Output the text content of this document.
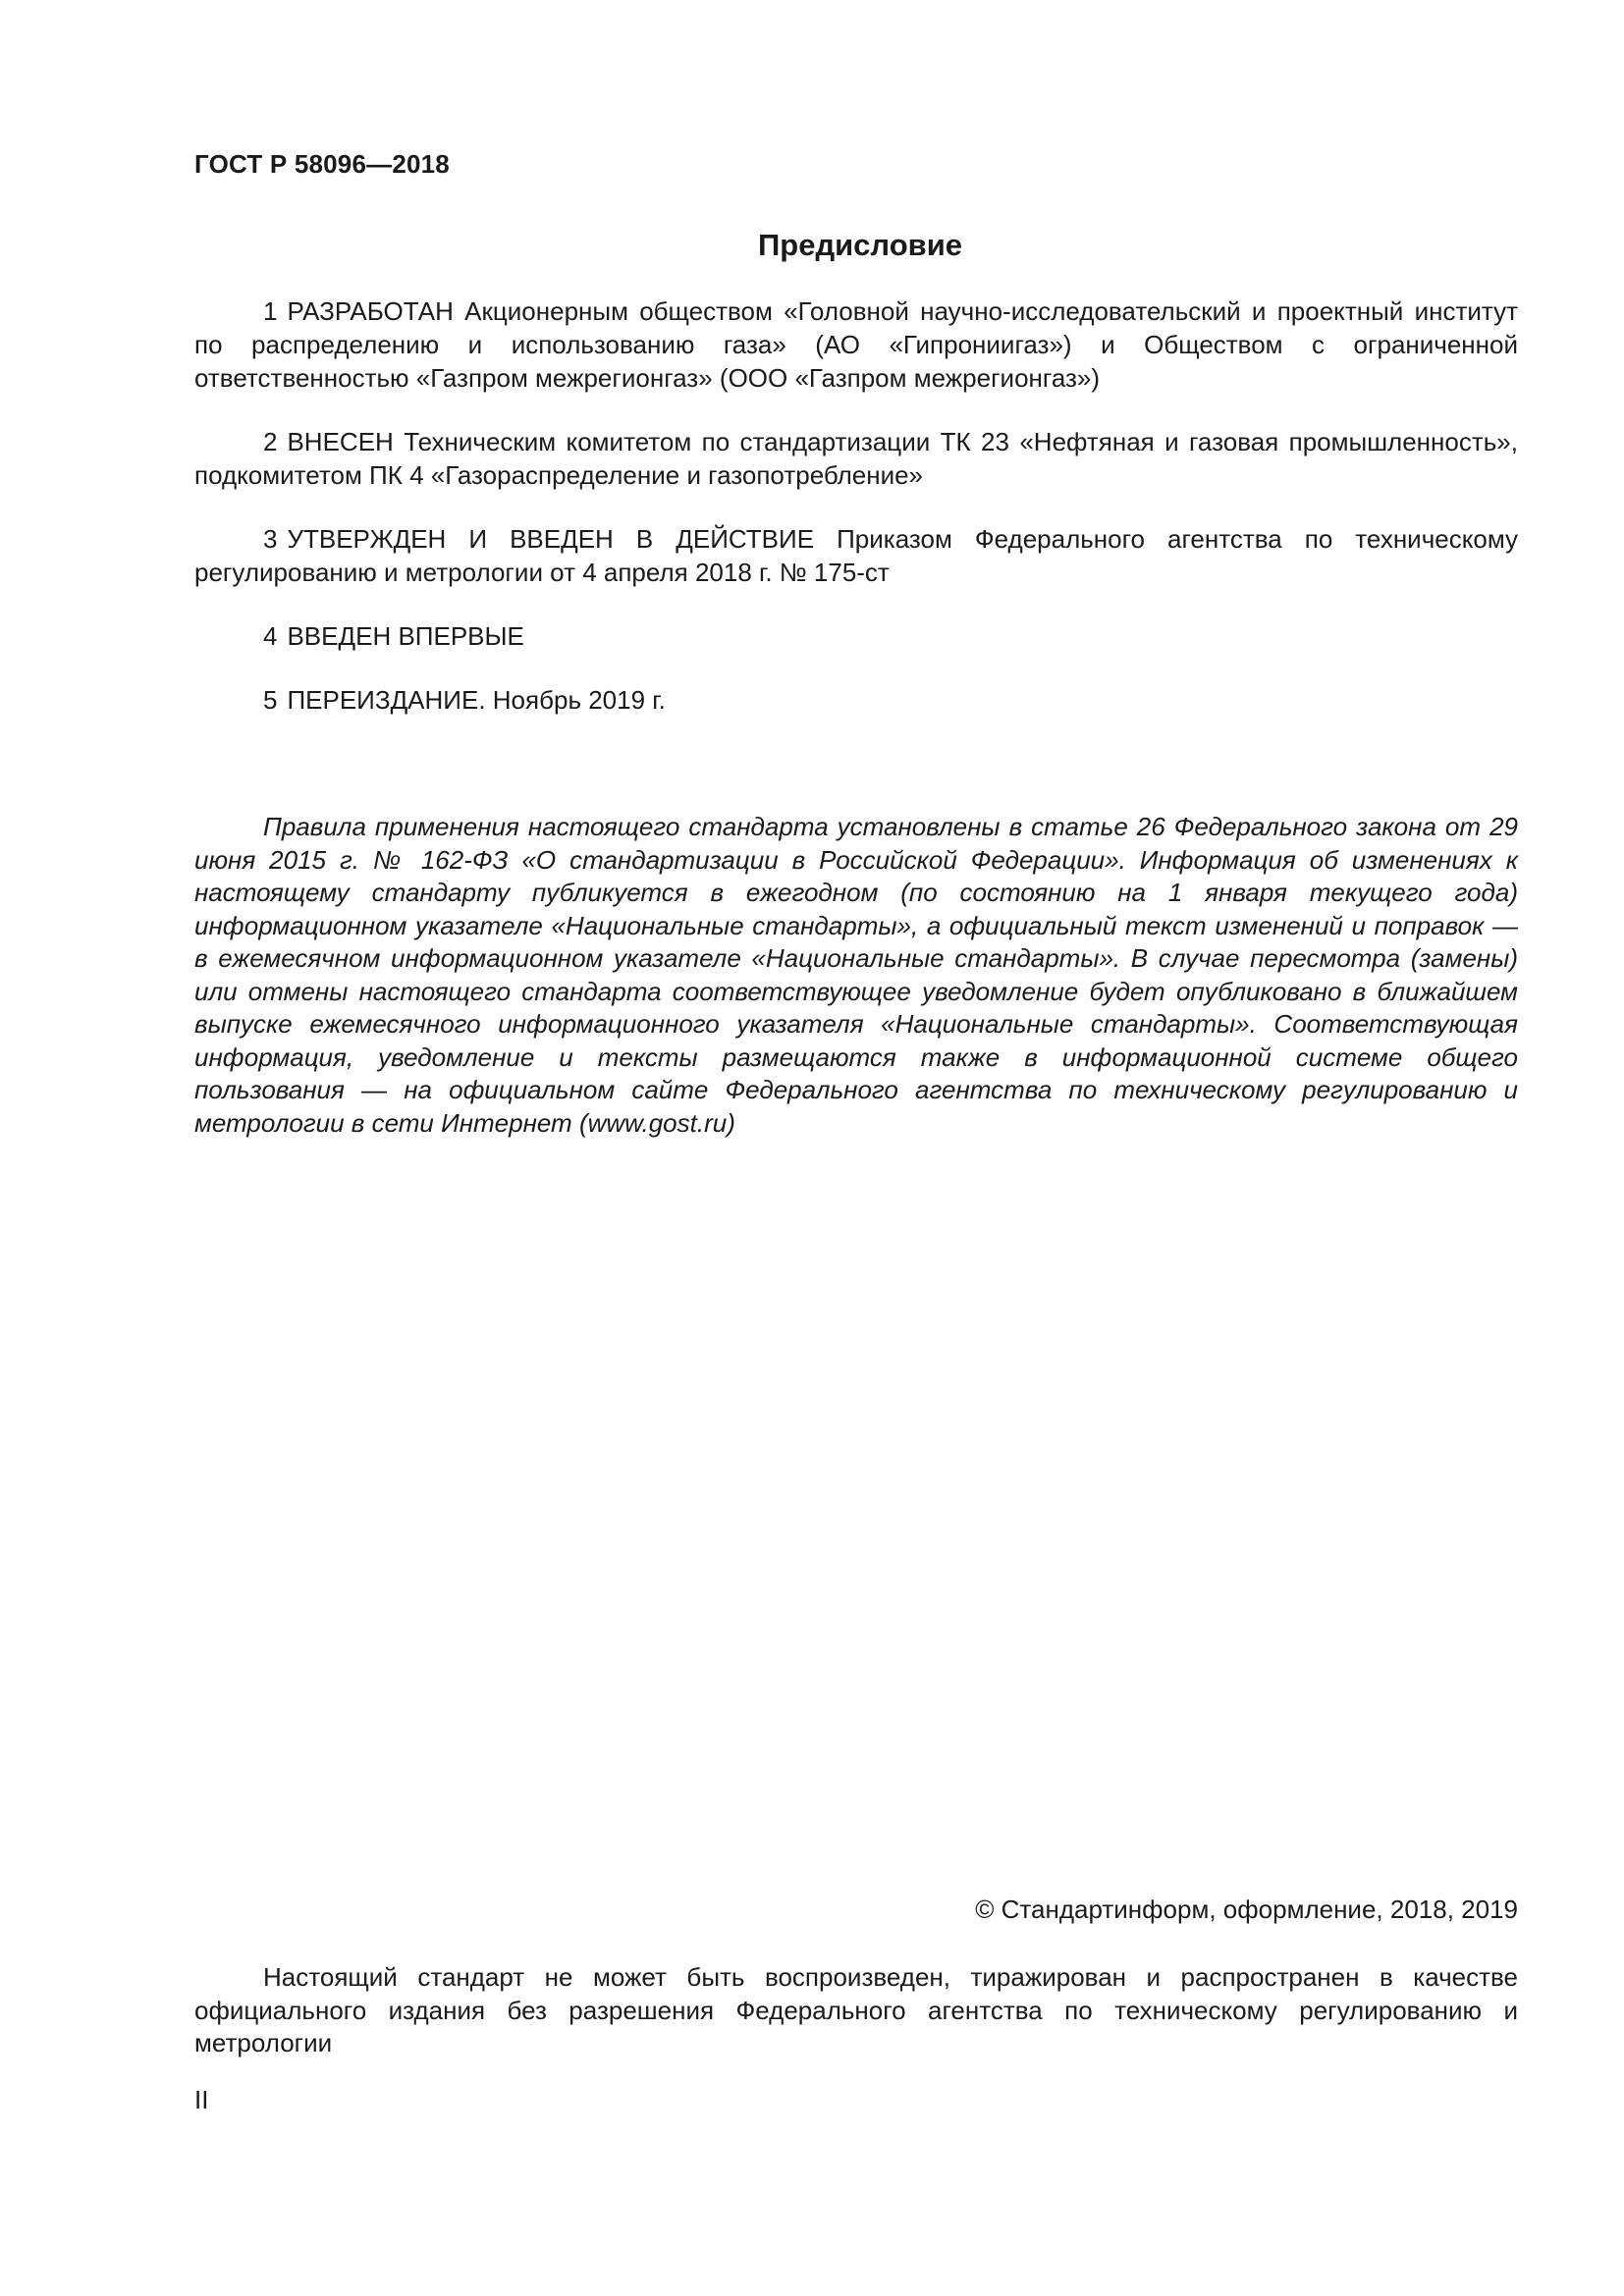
ГОСТ Р 58096—2018
Предисловие

1 РАЗРАБОТАН Акционерным обществом «Головной научно-исследовательский и проектный институт по распределению и использованию газа» (АО «Гипрониигаз») и Обществом с ограниченной ответственностью «Газпром межрегионгаз» (ООО «Газпром межрегионгаз»)

2 ВНЕСЕН Техническим комитетом по стандартизации ТК 23 «Нефтяная и газовая промышленность», подкомитетом ПК 4 «Газораспределение и газопотребление»

3 УТВЕРЖДЕН И ВВЕДЕН В ДЕЙСТВИЕ Приказом Федерального агентства по техническому регулированию и метрологии от 4 апреля 2018 г. № 175-ст

4 ВВЕДЕН ВПЕРВЫЕ

5 ПЕРЕИЗДАНИЕ. Ноябрь 2019 г.

Правила применения настоящего стандарта установлены в статье 26 Федерального закона от 29 июня 2015 г. № 162-ФЗ «О стандартизации в Российской Федерации». Информация об изменениях к настоящему стандарту публикуется в ежегодном (по состоянию на 1 января текущего года) информационном указателе «Национальные стандарты», а официальный текст изменений и поправок — в ежемесячном информационном указателе «Национальные стандарты». В случае пересмотра (замены) или отмены настоящего стандарта соответствующее уведомление будет опубликовано в ближайшем выпуске ежемесячного информационного указателя «Национальные стандарты». Соответствующая информация, уведомление и тексты размещаются также в информационной системе общего пользования — на официальном сайте Федерального агентства по техническому регулированию и метрологии в сети Интернет (www.gost.ru)

© Стандартинформ, оформление, 2018, 2019

Настоящий стандарт не может быть воспроизведен, тиражирован и распространен в качестве официального издания без разрешения Федерального агентства по техническому регулированию и метрологии

II
